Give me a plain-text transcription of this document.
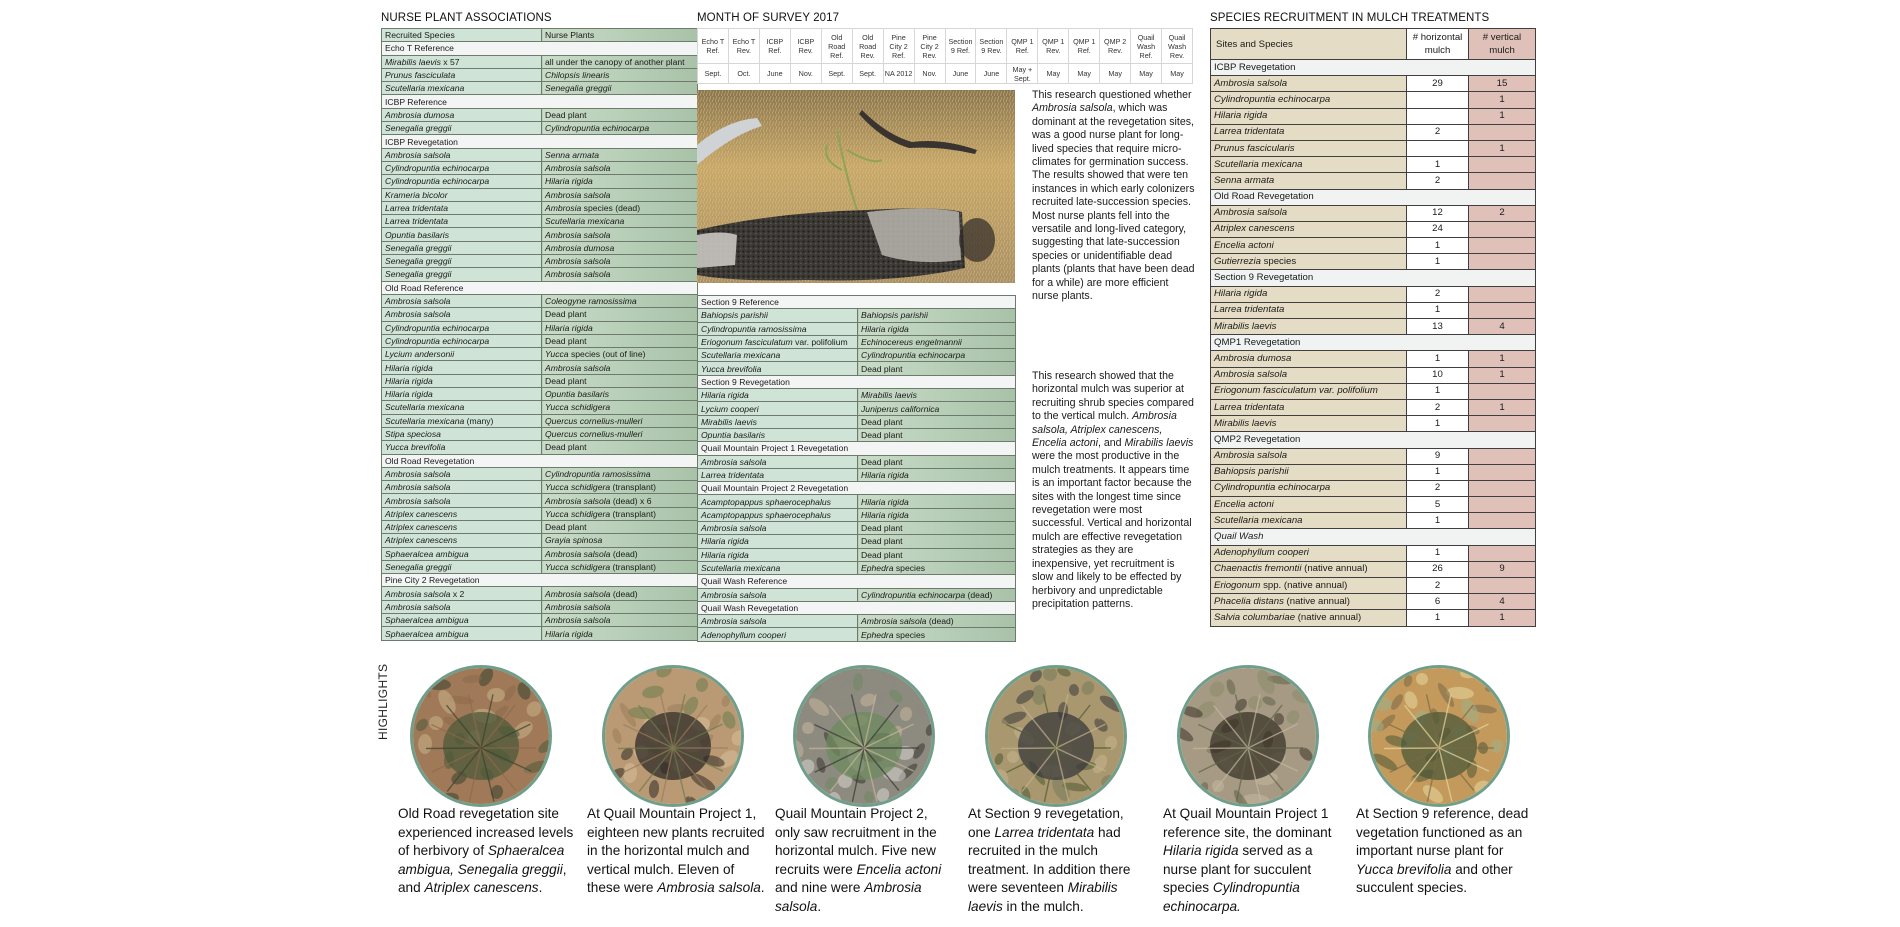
NURSE PLANT ASSOCIATIONS
Recruited Species	Nurse Plants
Echo T Reference	
Mirabilis laevis x 57	all under the canopy of another plant
Prunus fasciculata	Chilopsis linearis
Scutellaria mexicana	Senegalia greggii
ICBP Reference	
Ambrosia dumosa	Dead plant
Senegalia greggii	Cylindropuntia echinocarpa
ICBP Revegetation	
Ambrosia salsola	Senna armata
Cylindropuntia echinocarpa	Ambrosia salsola
Cylindropuntia echinocarpa	Hilaria rigida
Krameria bicolor	Ambrosia salsola
Larrea tridentata	Ambrosia species (dead)
Larrea tridentata	Scutellaria mexicana
Opuntia basilaris	Ambrosia salsola
Senegalia greggii	Ambrosia dumosa
Senegalia greggii	Ambrosia salsola
Senegalia greggii	Ambrosia salsola
Old Road Reference	
Ambrosia salsola	Coleogyne ramosissima
Ambrosia salsola	Dead plant
Cylindropuntia echinocarpa	Hilaria rigida
Cylindropuntia echinocarpa	Dead plant
Lycium andersonii	Yucca species (out of line)
Hilaria rigida	Ambrosia salsola
Hilaria rigida	Dead plant
Hilaria rigida	Opuntia basilaris
Scutellaria mexicana	Yucca schidigera
Scutellaria mexicana (many)	Quercus cornelius-mulleri
Stipa speciosa	Quercus cornelius-mulleri
Yucca brevifolia	Dead plant
Old Road Revegetation	
Ambrosia salsola	Cylindropuntia ramosissima
Ambrosia salsola	Yucca schidigera (transplant)
Ambrosia salsola	Ambrosia salsola (dead) x 6
Atriplex canescens	Yucca schidigera (transplant)
Atriplex canescens	Dead plant
Atriplex canescens	Grayia spinosa
Sphaeralcea ambigua	Ambrosia salsola (dead)
Senegalia greggii	Yucca schidigera (transplant)
Pine City 2 Revegetation	
Ambrosia salsola x 2	Ambrosia salsola (dead)
Ambrosia salsola	Ambrosia salsola
Sphaeralcea ambigua	Ambrosia salsola
Sphaeralcea ambigua	Hilaria rigida
MONTH OF SURVEY 2017
Echo T Ref.	Echo T Rev.	ICBP Ref.	ICBP Rev.	Old Road Ref.	Old Road Rev.	Pine City 2 Ref.	Pine City 2 Rev.	Section 9 Ref.	Section 9 Rev.	QMP 1 Ref.	QMP 1 Rev.	QMP 1 Ref.	QMP 2 Rev.	Quail Wash Ref.	Quail Wash Rev.
Sept.	Oct.	June	Nov.	Sept.	Sept.	NA 2012	Nov.	June	June	May + Sept.	May	May	May	May	May
Section 9 Reference	
Bahiopsis parishii	Bahiopsis parishii
Cylindropuntia ramosissima	Hilaria rigida
Eriogonum fasciculatum var. polifolium	Echinocereus engelmannii
Scutellaria mexicana	Cylindropuntia echinocarpa
Yucca brevifolia	Dead plant
Section 9 Revegetation	
Hilaria rigida	Mirabilis laevis
Lycium cooperi	Juniperus californica
Mirabilis laevis	Dead plant
Opuntia basilaris	Dead plant
Quail Mountain Project 1 Revegetation	
Ambrosia salsola	Dead plant
Larrea tridentata	Hilaria rigida
Quail Mountain Project 2 Revegetation	
Acamptopappus sphaerocephalus	Hilaria rigida
Acamptopappus sphaerocephalus	Hilaria rigida
Ambrosia salsola	Dead plant
Hilaria rigida	Dead plant
Hilaria rigida	Dead plant
Scutellaria mexicana	Ephedra species
Quail Wash Reference	
Ambrosia salsola	Cylindropuntia echinocarpa (dead)
Quail Wash Revegetation	
Ambrosia salsola	Ambrosia salsola (dead)
Adenophyllum cooperi	Ephedra species
This research questioned whether Ambrosia salsola, which was dominant at the revegetation sites, was a good nurse plant for long-lived species that require micro-climates for germination success. The results showed that were ten instances in which early colonizers recruited late-succession species. Most nurse plants fell into the versatile and long-lived category, suggesting that late-succession species or unidentifiable dead plants (plants that have been dead for a while) are more efficient nurse plants.
This research showed that the horizontal mulch was superior at recruiting shrub species compared to the vertical mulch. Ambrosia salsola, Atriplex canescens, Encelia actoni, and Mirabilis laevis were the most productive in the mulch treatments. It appears time is an important factor because the sites with the longest time since revegetation were most successful. Vertical and horizontal mulch are effective revegetation strategies as they are inexpensive, yet recruitment is slow and likely to be effected by herbivory and unpredictable precipitation patterns.
SPECIES RECRUITMENT IN MULCH TREATMENTS
Sites and Species	# horizontal mulch	# vertical mulch
ICBP Revegetation		
Ambrosia salsola	29	15
Cylindropuntia echinocarpa		1
Hilaria rigida		1
Larrea tridentata	2	
Prunus fascicularis		1
Scutellaria mexicana	1	
Senna armata	2	
Old Road Revegetation		
Ambrosia salsola	12	2
Atriplex canescens	24	
Encelia actoni	1	
Gutierrezia species	1	
Section 9 Revegetation		
Hilaria rigida	2	
Larrea tridentata	1	
Mirabilis laevis	13	4
QMP1 Revegetation		
Ambrosia dumosa	1	1
Ambrosia salsola	10	1
Eriogonum fasciculatum var. polifolium	1	
Larrea tridentata	2	1
Mirabilis laevis	1	
QMP2 Revegetation		
Ambrosia salsola	9	
Bahiopsis parishii	1	
Cylindropuntia echinocarpa	2	
Encelia actoni	5	
Scutellaria mexicana	1	
Quail Wash		
Adenophyllum cooperi	1	
Chaenactis fremontii (native annual)	26	9
Eriogonum spp. (native annual)	2	
Phacelia distans (native annual)	6	4
Salvia columbariae (native annual)	1	1
HIGHLIGHTS
Old Road revegetation site experienced increased levels of herbivory of Sphaeralcea ambigua, Senegalia greggii, and Atriplex canescens.
At Quail Mountain Project 1, eighteen new plants recruited in the horizontal mulch and vertical mulch. Eleven of these were Ambrosia salsola.
Quail Mountain Project 2, only saw recruitment in the horizontal mulch. Five new recruits were Encelia actoni and nine were Ambrosia salsola.
At Section 9 revegetation, one Larrea tridentata had recruited in the mulch treatment. In addition there were seventeen Mirabilis laevis in the mulch.
At Quail Mountain Project 1 reference site, the dominant Hilaria rigida served as a nurse plant for succulent species Cylindropuntia echinocarpa.
At Section 9 reference, dead vegetation functioned as an important nurse plant for Yucca brevifolia and other succulent species.
